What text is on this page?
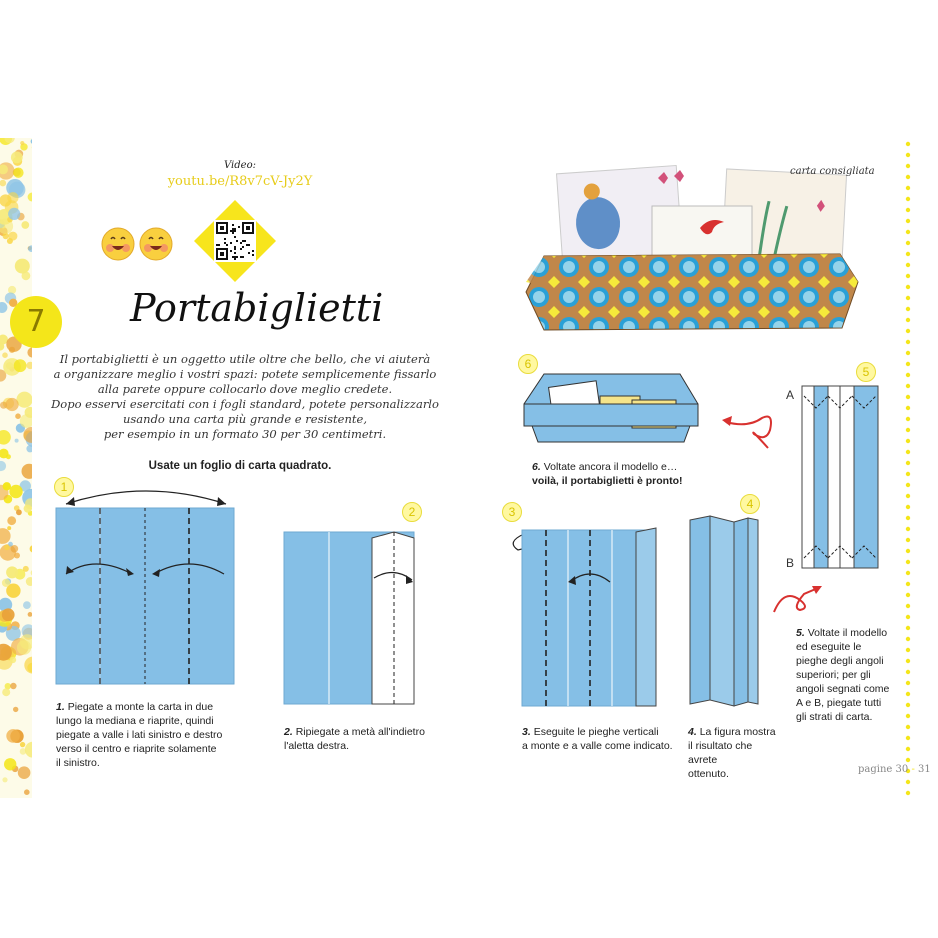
7
Video:
youtu.be/R8v7cV-Jy2Y
Portabiglietti
Il portabiglietti è un oggetto utile oltre che bello, che vi aiuterà
a organizzare meglio i vostri spazi: potete semplicemente fissarlo
alla parete oppure collocarlo dove meglio credete.
Dopo esservi esercitati con i fogli standard, potete personalizzarlo
usando una carta più grande e resistente,
per esempio in un formato 30 per 30 centimetri.
Usate un foglio di carta quadrato.
1
1. Piegate a monte la carta in due
lungo la mediana e riaprite, quindi
piegate a valle i lati sinistro e destro
verso il centro e riaprite solamente
il sinistro.
2
2. Ripiegate a metà all'indietro
l'aletta destra.
3
3. Eseguite le pieghe verticali
a monte e a valle come indicato.
4
4. La figura mostra
il risultato che avrete
ottenuto.
5
A
B
5. Voltate il modello
ed eseguite le
pieghe degli angoli
superiori; per gli
angoli segnati come
A e B, piegate tutti
gli strati di carta.
6
6. Voltate ancora il modello e…
voilà, il portabiglietti è pronto!
carta consigliata
pagine 30 - 31
